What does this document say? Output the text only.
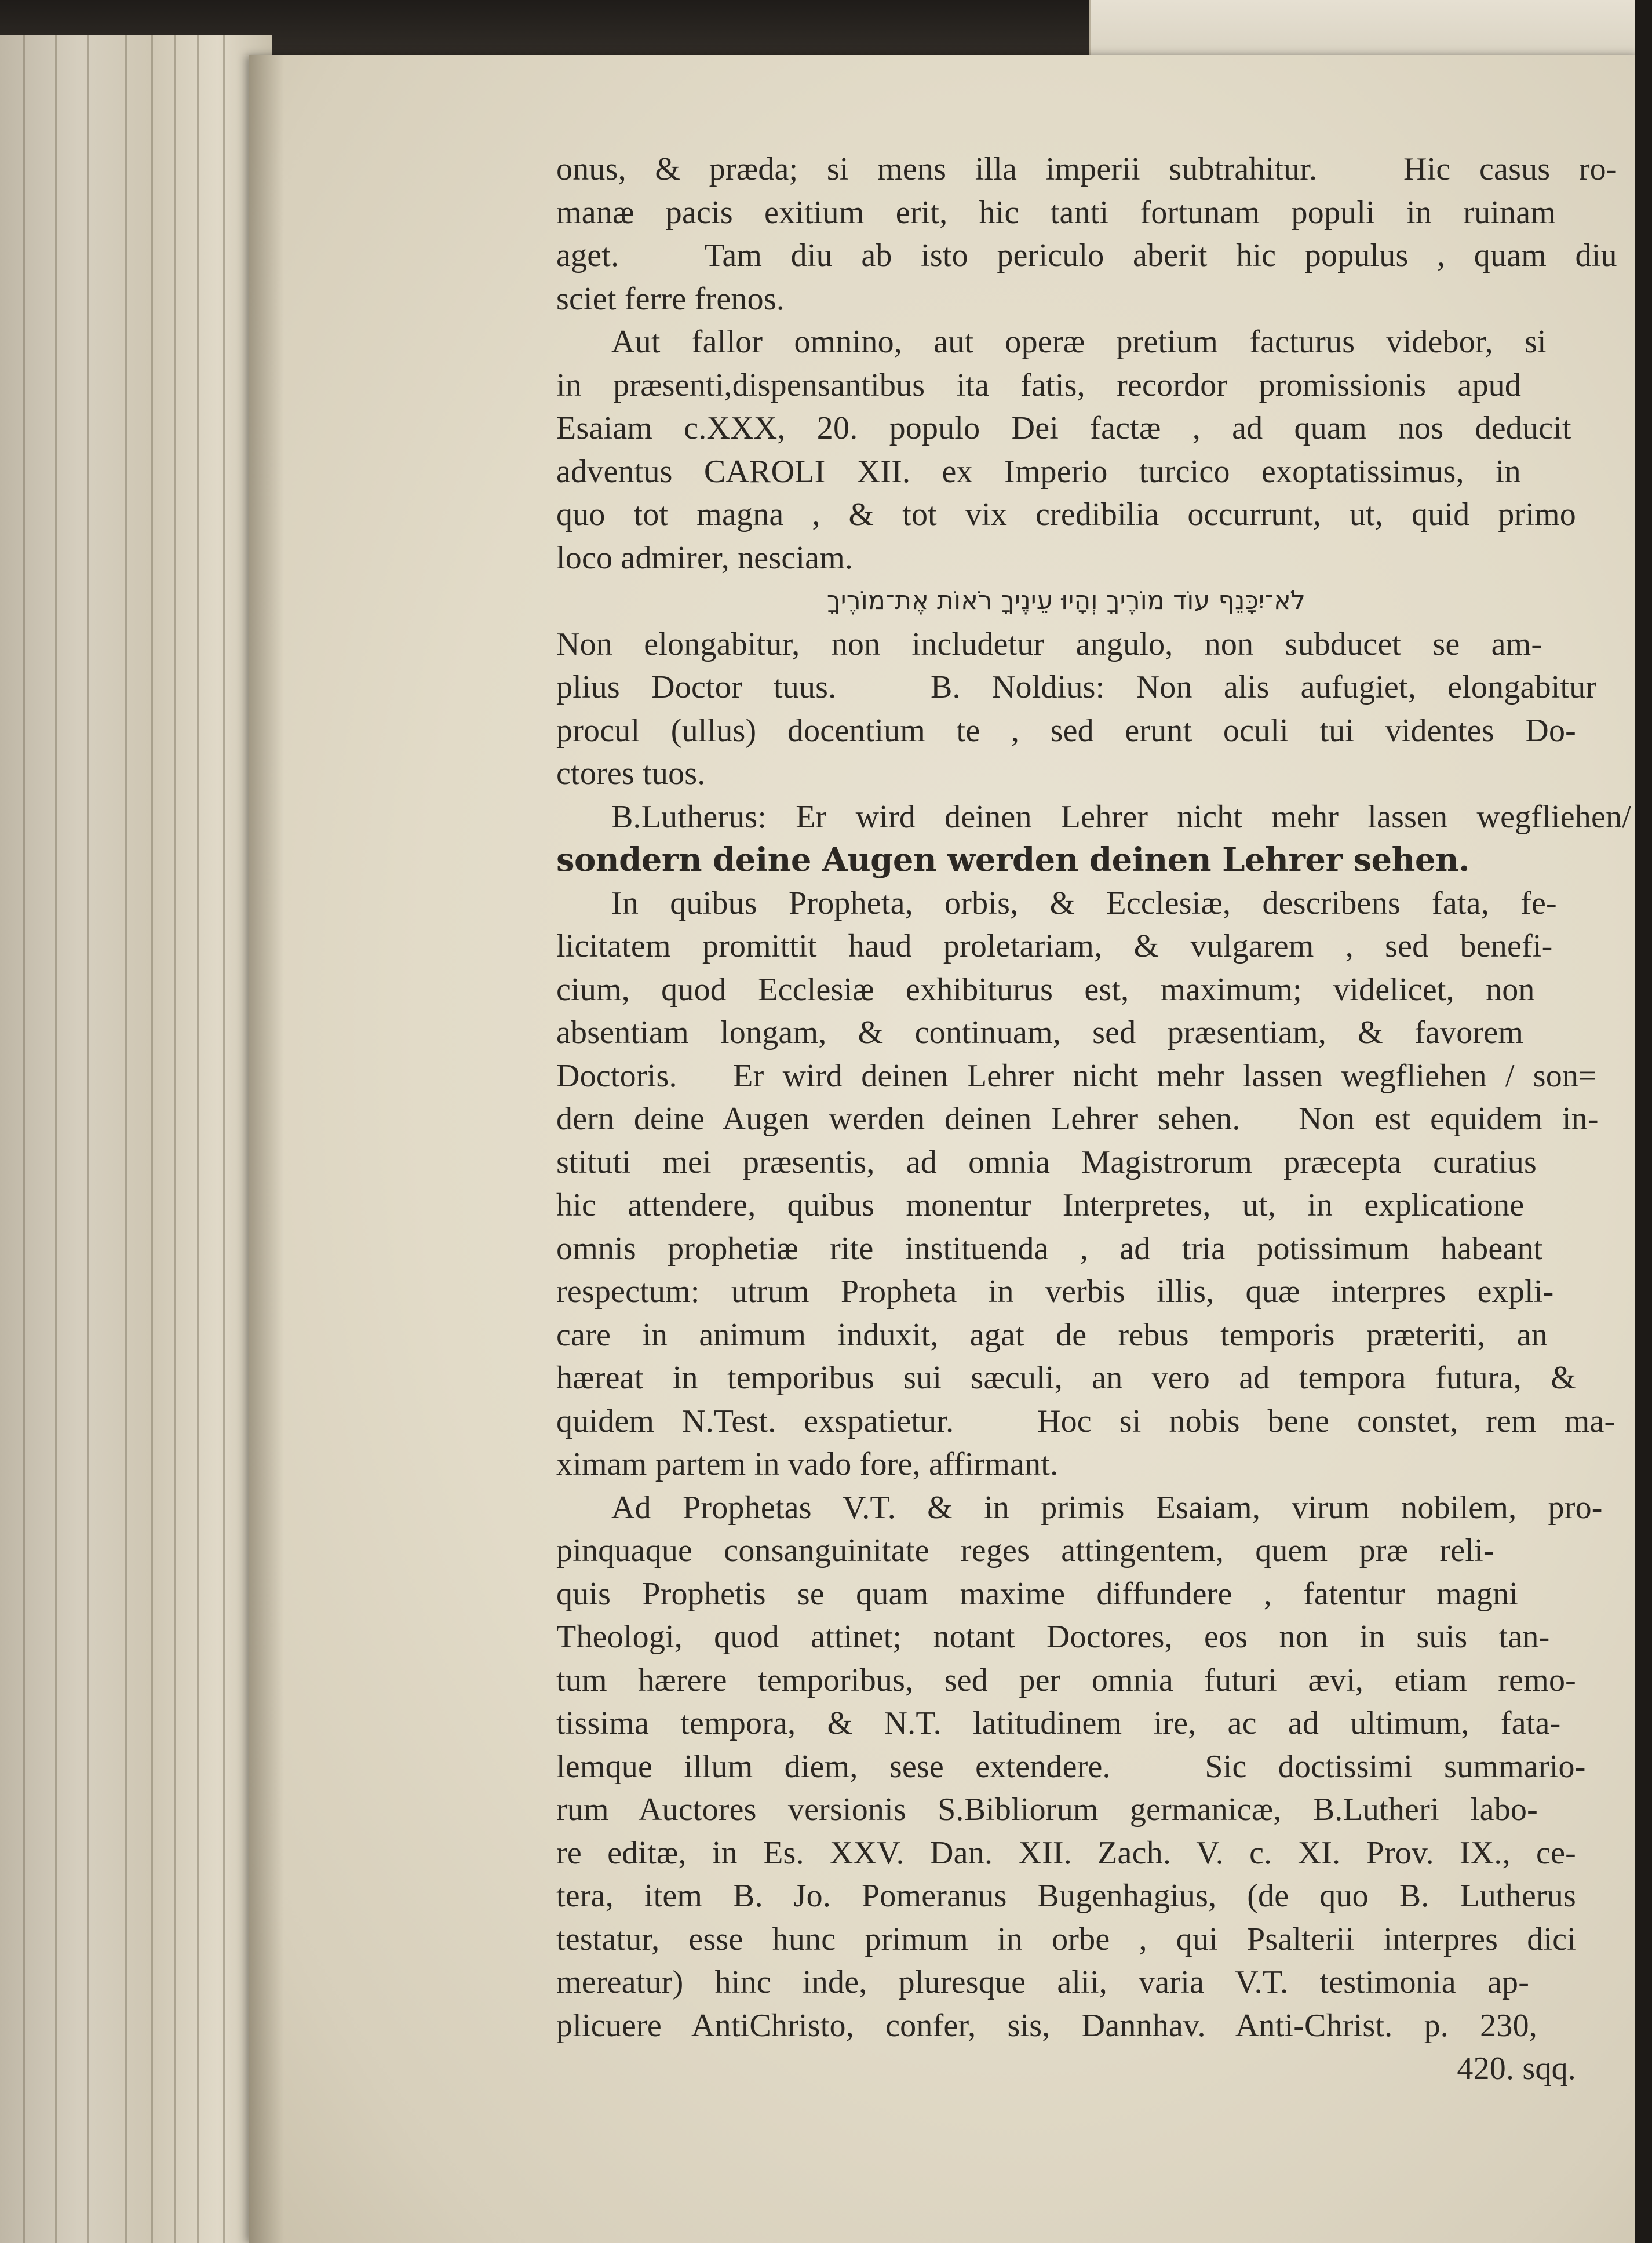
onus, & præda; si mens illa imperii subtrahitur.   Hic casus ro-
manæ pacis exitium erit, hic tanti fortunam populi in ruinam
aget.   Tam diu ab isto periculo aberit hic populus , quam diu
sciet ferre frenos.
Aut fallor omnino, aut operæ pretium facturus videbor, si
in præsenti,dispensantibus ita fatis, recordor promissionis apud
Esaiam c.XXX, 20. populo Dei factæ , ad quam nos deducit
adventus CAROLI XII. ex Imperio turcico exoptatissimus, in
quo tot magna , & tot vix credibilia occurrunt, ut, quid primo
loco admirer, nesciam.
לֹא־יִכָּנֵף עוֹד מוֹרֶיךָ וְהָיוּ עֵינֶיךָ רֹאוֹת אֶת־מוֹרֶיךָ
Non elongabitur, non includetur angulo, non subducet se am-
plius Doctor tuus.   B. Noldius: Non alis aufugiet, elongabitur
procul (ullus) docentium te , sed erunt oculi tui videntes Do-
ctores tuos.
B.Lutherus: Er wird deinen Lehrer nicht mehr lassen wegfliehen/
sondern deine Augen werden deinen Lehrer sehen.
In quibus Propheta, orbis, & Ecclesiæ, describens fata, fe-
licitatem promittit haud proletariam, & vulgarem , sed benefi-
cium, quod Ecclesiæ exhibiturus est, maximum; videlicet, non
absentiam longam, & continuam, sed præsentiam, & favorem
Doctoris.   Er wird deinen Lehrer nicht mehr lassen wegfliehen / son=
dern deine Augen werden deinen Lehrer sehen.   Non est equidem in-
stituti mei præsentis, ad omnia Magistrorum præcepta curatius
hic attendere, quibus monentur Interpretes, ut, in explicatione
omnis prophetiæ rite instituenda , ad tria potissimum habeant
respectum: utrum Propheta in verbis illis, quæ interpres expli-
care in animum induxit, agat de rebus temporis præteriti, an
hæreat in temporibus sui sæculi, an vero ad tempora futura, &
quidem N.Test. exspatietur.   Hoc si nobis bene constet, rem ma-
ximam partem in vado fore, affirmant.
Ad Prophetas V.T. & in primis Esaiam, virum nobilem, pro-
pinquaque consanguinitate reges attingentem, quem præ reli-
quis Prophetis se quam maxime diffundere , fatentur magni
Theologi, quod attinet; notant Doctores, eos non in suis tan-
tum hærere temporibus, sed per omnia futuri ævi, etiam remo-
tissima tempora, & N.T. latitudinem ire, ac ad ultimum, fata-
lemque illum diem, sese extendere.   Sic doctissimi summario-
rum Auctores versionis S.Bibliorum germanicæ, B.Lutheri labo-
re editæ, in Es. XXV. Dan. XII. Zach. V. c. XI. Prov. IX., ce-
tera, item B. Jo. Pomeranus Bugenhagius, (de quo B. Lutherus
testatur, esse hunc primum in orbe , qui Psalterii interpres dici
mereatur) hinc inde, pluresque alii, varia V.T. testimonia ap-
plicuere AntiChristo, confer, sis, Dannhav. Anti-Christ. p. 230,
420. sqq.
